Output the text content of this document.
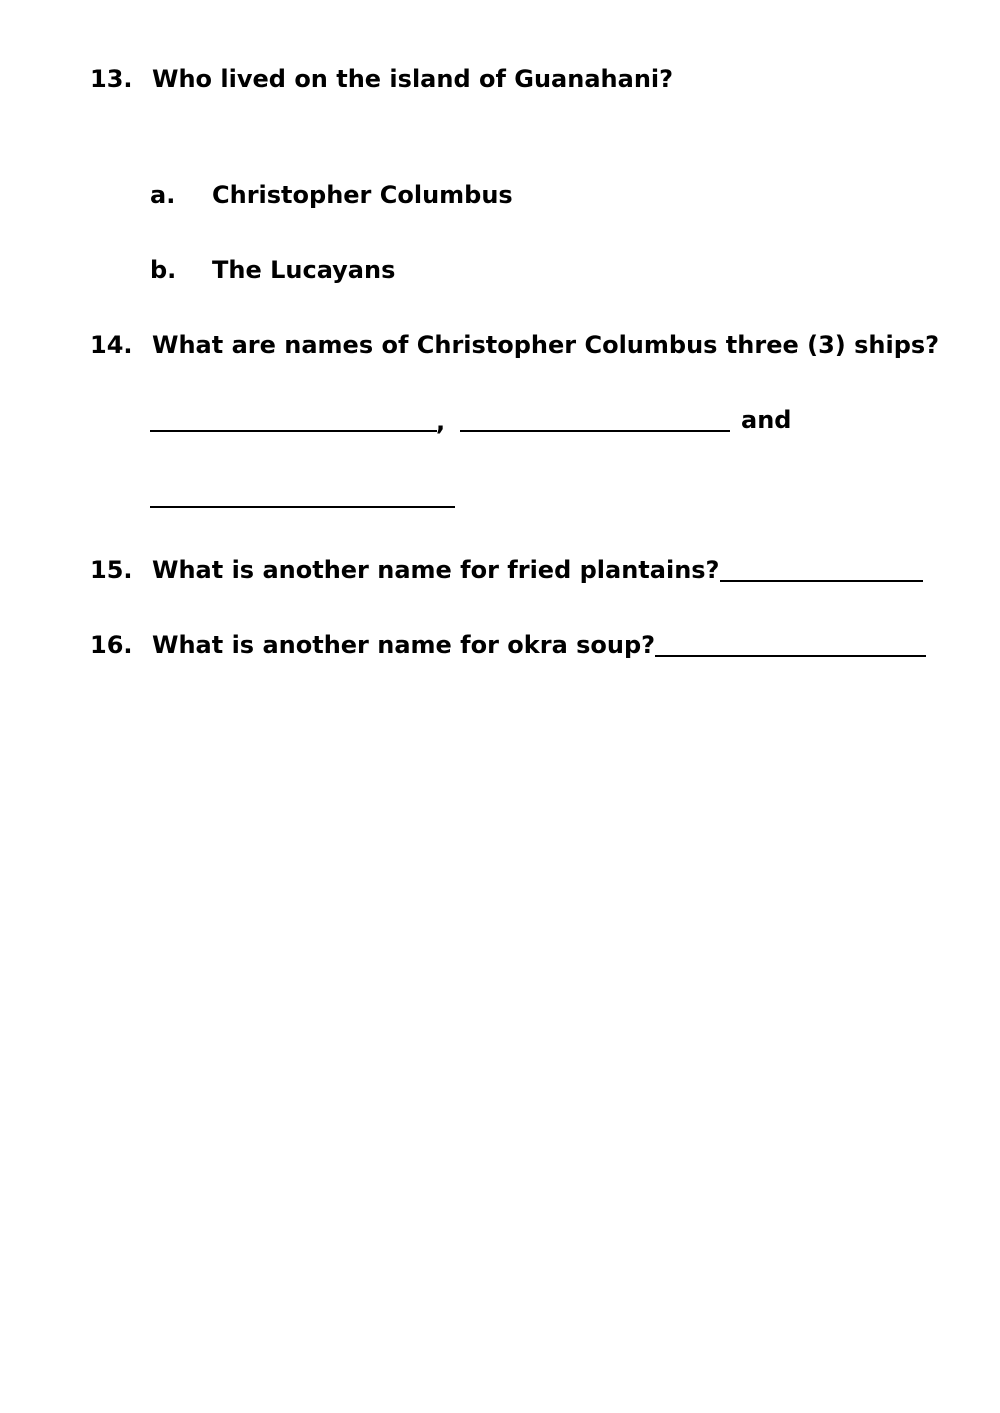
13. Who lived on the island of Guanahani?
a.	Christopher Columbus
b.	The Lucayans
14. What are names of Christopher Columbus three (3) ships?
,	and
15. What is another name for fried plantains?
16. What is another name for okra soup?
